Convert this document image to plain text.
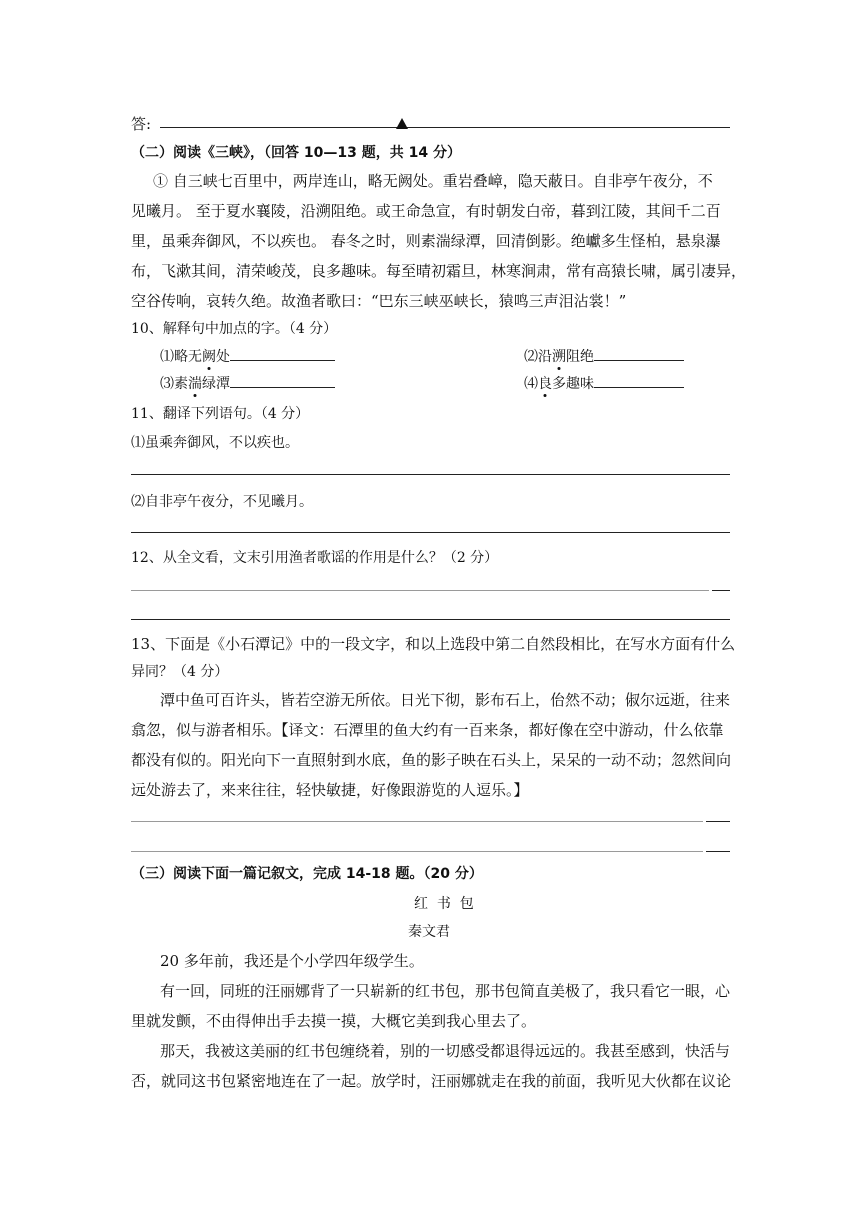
答:
（二）阅读《三峡》，（回答 10—13 题，共 14 分）
① 自三峡七百里中，两岸连山，略无阙处。重岩叠嶂，隐天蔽日。自非亭午夜分，不
见曦月。 至于夏水襄陵，沿溯阻绝。或王命急宣，有时朝发白帝，暮到江陵，其间千二百
里，虽乘奔御风，不以疾也。 春冬之时，则素湍绿潭，回清倒影。绝巘多生怪柏，悬泉瀑
布，飞漱其间，清荣峻茂，良多趣味。每至晴初霜旦，林寒涧肃，常有高猿长啸，属引凄异，
空谷传响，哀转久绝。故渔者歌曰：“巴东三峡巫峡长，猿鸣三声泪沾裳！”
10、解释句中加点的字。（4 分）
⑴略无阙处	⑵沿溯阻绝
⑶素湍绿潭	⑷良多趣味
11、翻译下列语句。（4 分）
⑴虽乘奔御风，不以疾也。
⑵自非亭午夜分，不见曦月。
12、从全文看，文末引用渔者歌谣的作用是什么？（2 分）
13、下面是《小石潭记》中的一段文字，和以上选段中第二自然段相比，在写水方面有什么
异同？（4 分）
潭中鱼可百许头，皆若空游无所依。日光下彻，影布石上，佁然不动；俶尔远逝，往来
翕忽，似与游者相乐。【译文：石潭里的鱼大约有一百来条，都好像在空中游动，什么依靠
都没有似的。阳光向下一直照射到水底，鱼的影子映在石头上，呆呆的一动不动；忽然间向
远处游去了，来来往往，轻快敏捷，好像跟游览的人逗乐。】
（三）阅读下面一篇记叙文，完成 14-18 题。（20 分）
红  书  包
秦文君
20 多年前，我还是个小学四年级学生。
有一回，同班的汪丽娜背了一只崭新的红书包，那书包简直美极了，我只看它一眼，心
里就发颤，不由得伸出手去摸一摸，大概它美到我心里去了。
那天，我被这美丽的红书包缠绕着，别的一切感受都退得远远的。我甚至感到，快活与
否，就同这书包紧密地连在了一起。放学时，汪丽娜就走在我的前面，我听见大伙都在议论
